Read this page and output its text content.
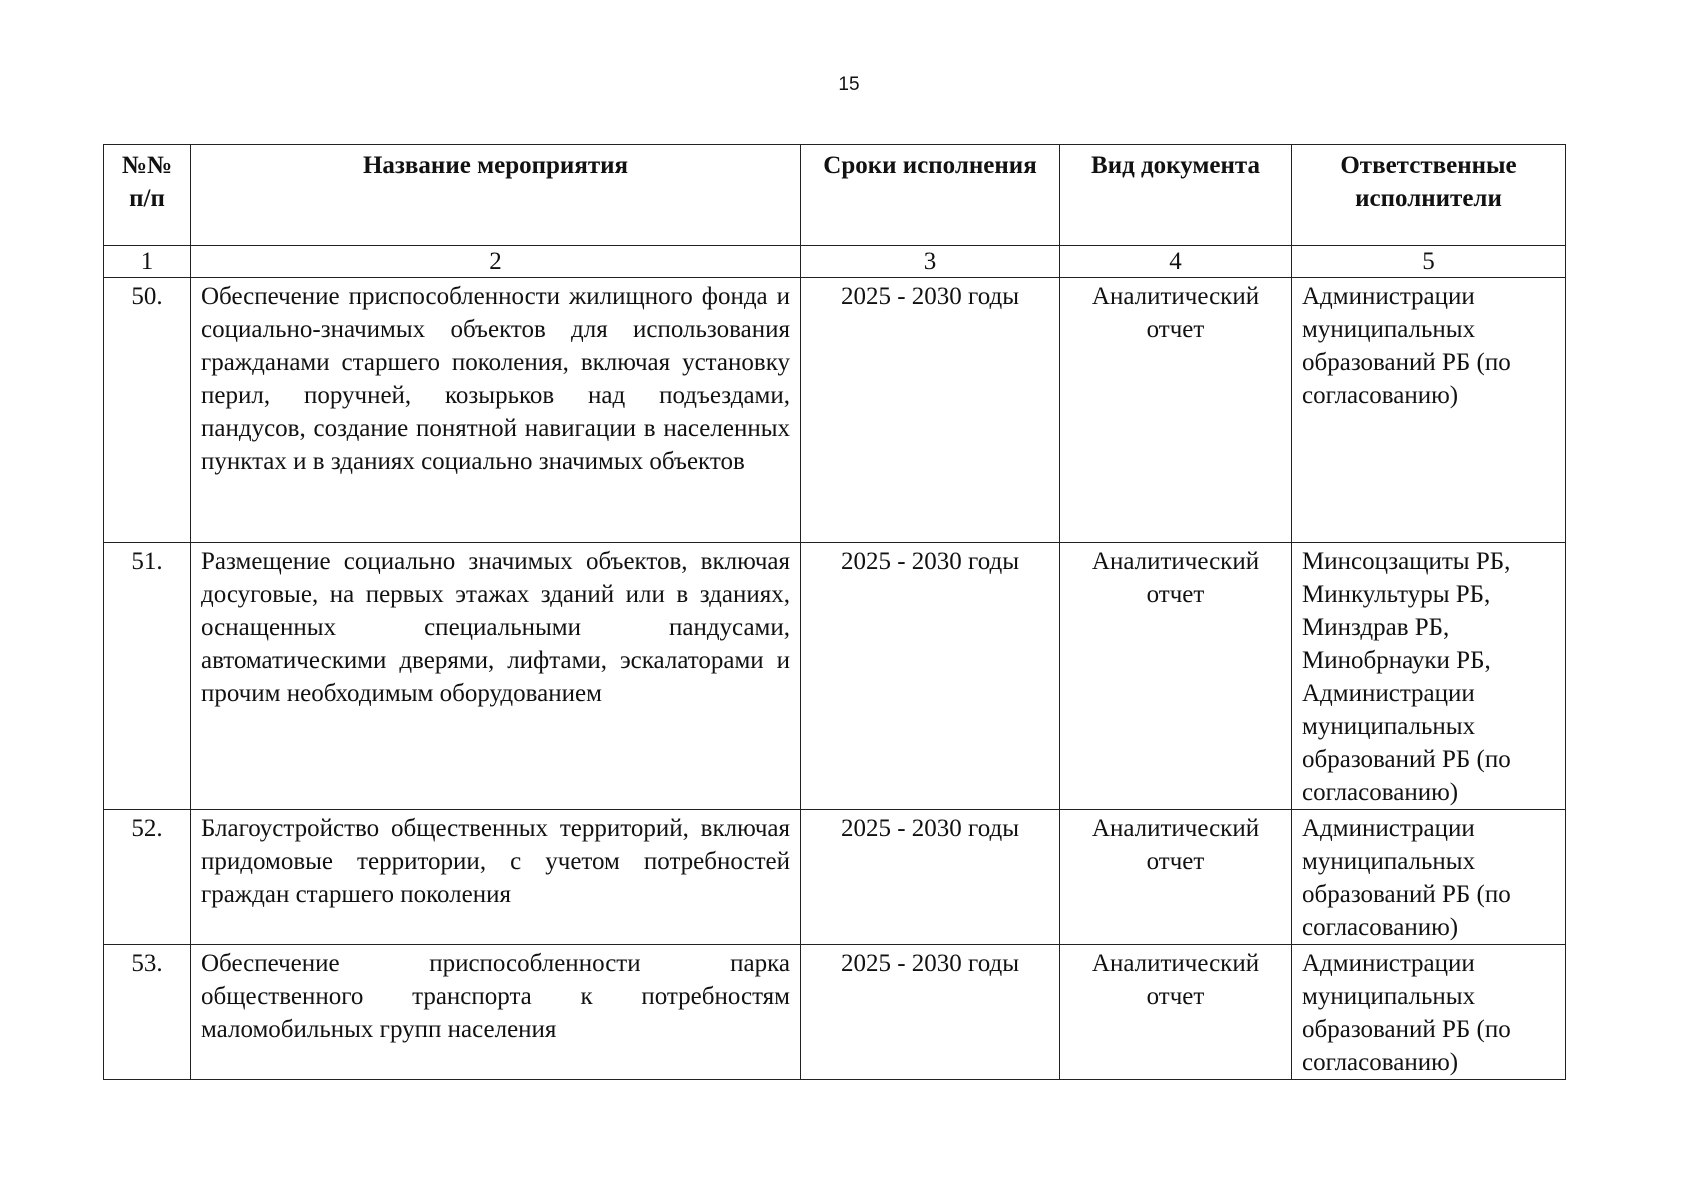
15
№№ п/п	Название мероприятия	Сроки исполнения	Вид документа	Ответственные исполнители
1	2	3	4	5
50.	Обеспечение приспособленности жилищного фонда и социально-значимых объектов для использования гражданами старшего поколения, включая установку перил, поручней, козырьков над подъездами, пандусов, создание понятной навигации в населенных пунктах и в зданиях социально значимых объектов	2025 - 2030 годы	Аналитический отчет	Администрации муниципальных образований РБ (по согласованию)
51.	Размещение социально значимых объектов, включая досуговые, на первых этажах зданий или в зданиях, оснащенных специальными пандусами, автоматическими дверями, лифтами, эскалаторами и прочим необходимым оборудованием	2025 - 2030 годы	Аналитический отчет	Минсоцзащиты РБ, Минкультуры РБ, Минздрав РБ, Минобрнауки РБ, Администрации муниципальных образований РБ (по согласованию)
52.	Благоустройство общественных территорий, включая придомовые территории, с учетом потребностей граждан старшего поколения	2025 - 2030 годы	Аналитический отчет	Администрации муниципальных образований РБ (по согласованию)
53.	Обеспечение приспособленности парка общественного транспорта к потребностям маломобильных групп населения	2025 - 2030 годы	Аналитический отчет	Администрации муниципальных образований РБ (по согласованию)
